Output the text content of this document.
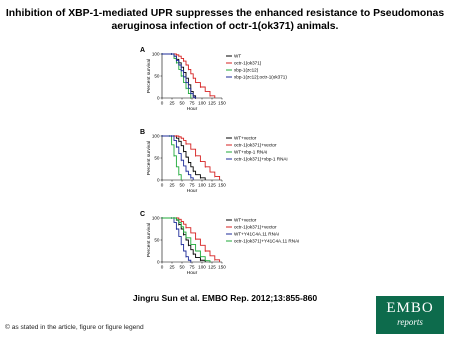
Inhibition of XBP-1-mediated UPR suppresses the enhanced resistance to Pseudomonas
aeruginosa infection of octr-1(ok371) animals.
A
0
50
100
0 25 50 75 100 125 150
Percent survival
Hour
WT
octr-1(ok371)
xbp-1(zc12)
xbp-1(zc12);octr-1(ok371)
B
0
50
100
0 25 50 75 100 125 150
Percent survival
Hour
WT+vector
octr-1(ok371)+vector
WT+xbp-1 RNAi
octr-1(ok371)+xbp-1 RNAi
C
0
50
100
0 25 50 75 100 125 150
Percent survival
Hour
WT+vector
octr-1(ok371)+vector
WT+Y41C4A.11 RNAi
octr-1(ok371)+Y41C4A.11 RNAi
Jingru Sun et al. EMBO Rep. 2012;13:855-860
© as stated in the article, figure or figure legend
EMBO
reports
